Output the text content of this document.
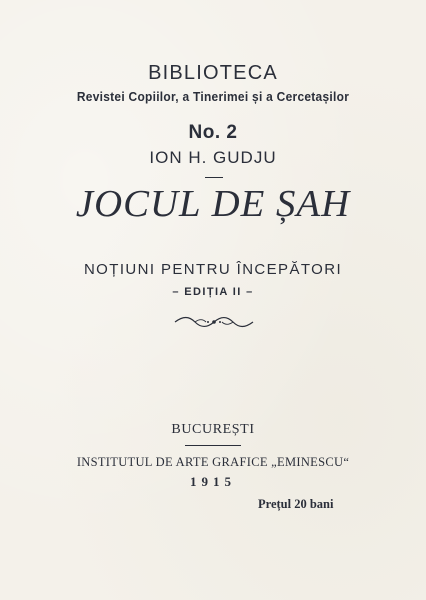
BIBLIOTECA
Revistei Copiilor, a Tinerimei și a Cercetașilor
No. 2
ION H. GUDJU
JOCUL DE ȘAH
NOȚIUNI PENTRU ÎNCEPĂTORI
– EDIȚIA II –
BUCUREȘTI
INSTITUTUL DE ARTE GRAFICE „EMINESCU“
1915
Prețul 20 bani
